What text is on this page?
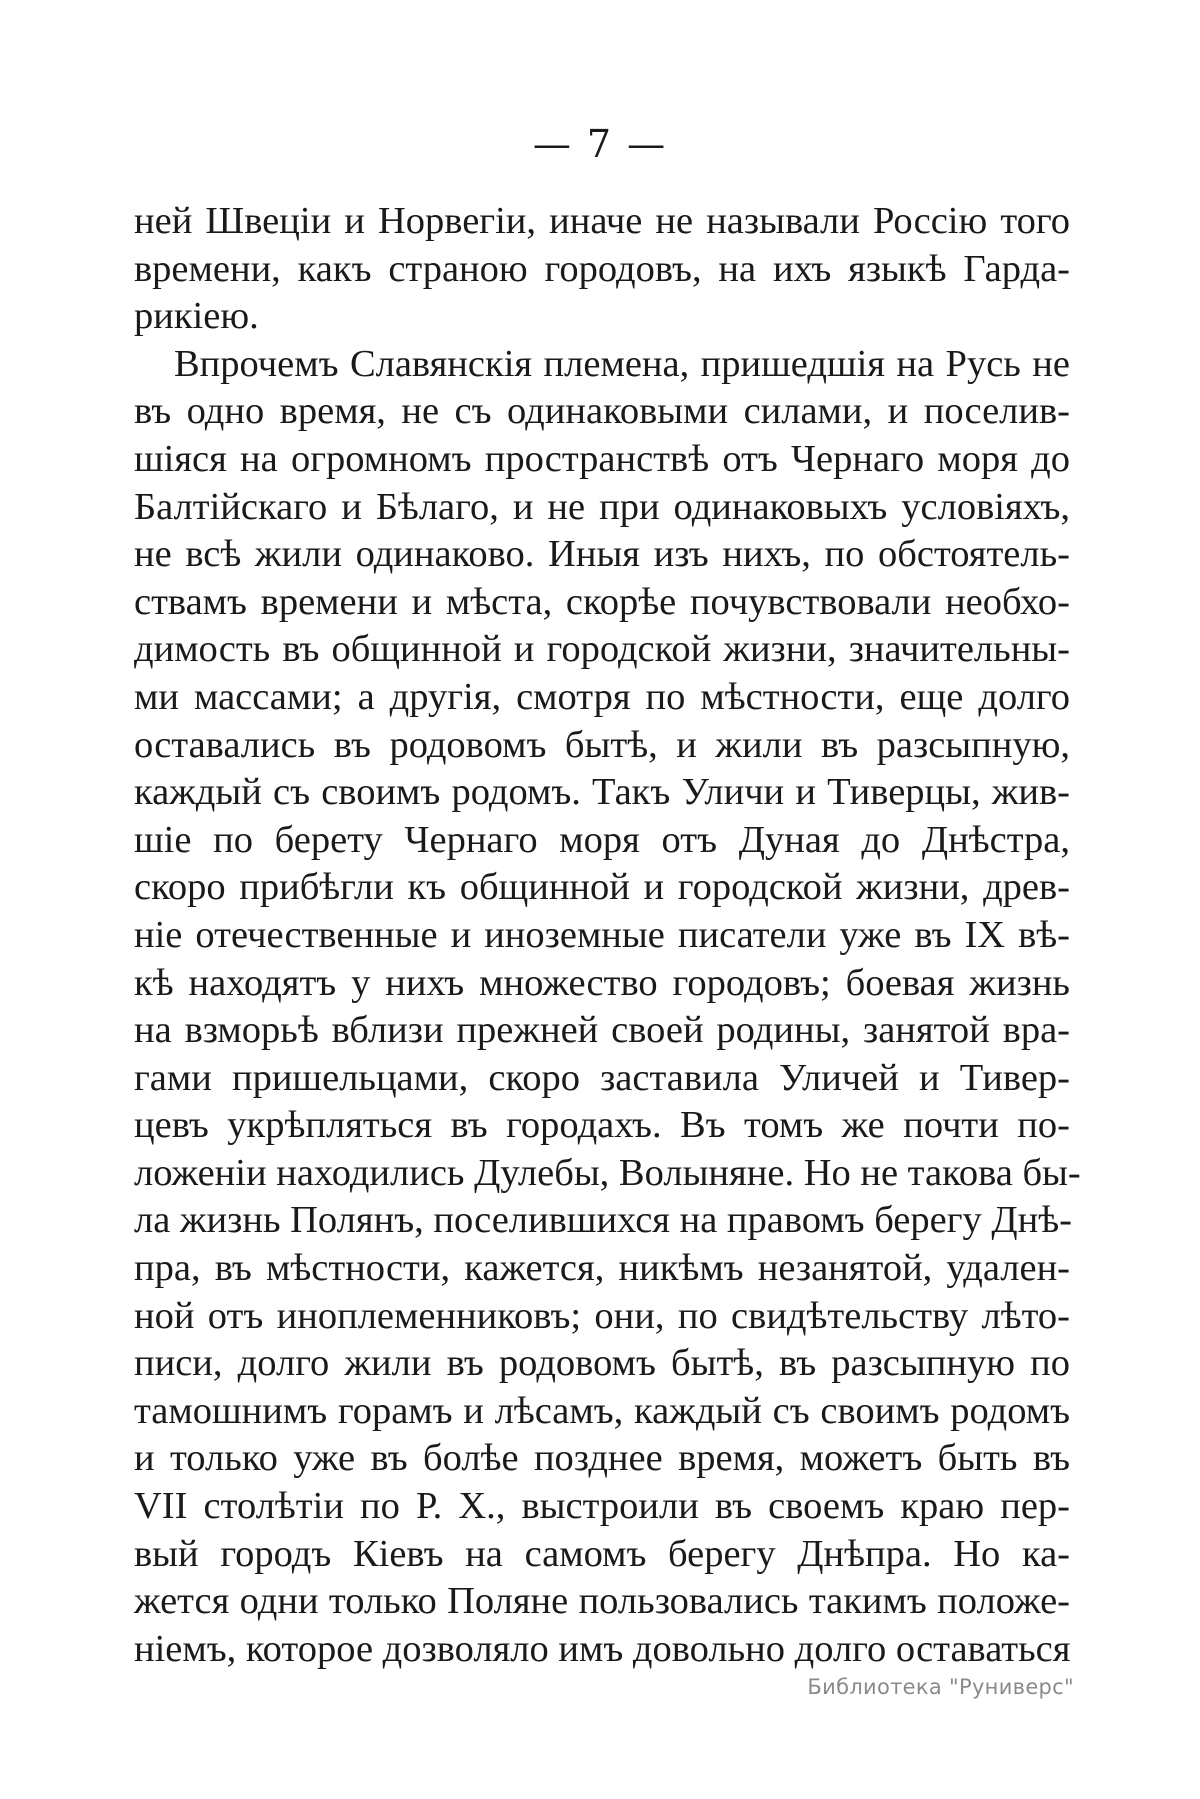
— 7 —
ней Швеціи и Норвегіи, иначе не называли Россію того
времени, какъ страною городовъ, на ихъ языкѣ Гарда-
рикіею.
Впрочемъ Славянскія племена, пришедшія на Русь не
въ одно время, не съ одинаковыми силами, и поселив-
шіяся на огромномъ пространствѣ отъ Чернаго моря до
Балтійскаго и Бѣлаго, и не при одинаковыхъ условіяхъ,
не всѣ жили одинаково. Иныя изъ нихъ, по обстоятель-
ствамъ времени и мѣста, скорѣе почувствовали необхо-
димость въ общинной и городской жизни, значительны-
ми массами; а другія, смотря по мѣстности, еще долго
оставались въ родовомъ бытѣ, и жили въ разсыпную,
каждый съ своимъ родомъ. Такъ Уличи и Тиверцы, жив-
шіе по берету Чернаго моря отъ Дуная до Днѣстра,
скоро прибѣгли къ общинной и городской жизни, древ-
ніе отечественные и иноземные писатели уже въ IX вѣ-
кѣ находятъ у нихъ множество городовъ; боевая жизнь
на взморьѣ вблизи прежней своей родины, занятой вра-
гами пришельцами, скоро заставила Уличей и Тивер-
цевъ укрѣпляться въ городахъ. Въ томъ же почти по-
ложеніи находились Дулебы, Волыняне. Но не такова бы-
ла жизнь Полянъ, поселившихся на правомъ берегу Днѣ-
пра, въ мѣстности, кажется, никѣмъ незанятой, удален-
ной отъ иноплеменниковъ; они, по свидѣтельству лѣто-
писи, долго жили въ родовомъ бытѣ, въ разсыпную по
тамошнимъ горамъ и лѣсамъ, каждый съ своимъ родомъ
и только уже въ болѣе позднее время, можетъ быть въ
VII столѣтіи по Р. Х., выстроили въ своемъ краю пер-
вый городъ Кіевъ на самомъ берегу Днѣпра. Но ка-
жется одни только Поляне пользовались такимъ положе-
ніемъ, которое дозволяло имъ довольно долго оставаться
Библиотека "Руниверс"
